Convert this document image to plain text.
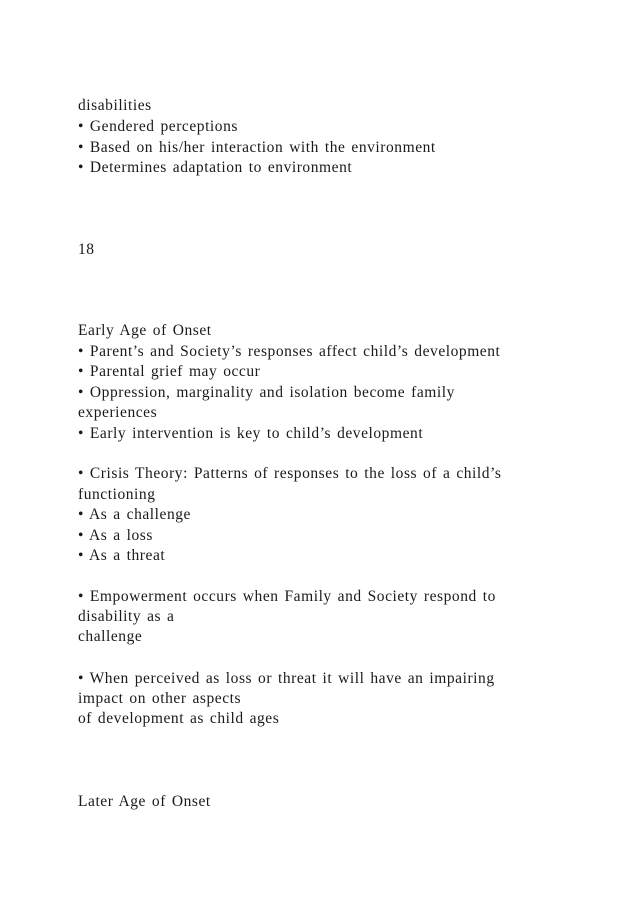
disabilities
• Gendered perceptions
• Based on his/her interaction with the environment
• Determines adaptation to environment
18
Early Age of Onset
• Parent’s and Society’s responses affect child’s development
• Parental grief may occur
• Oppression, marginality and isolation become family
experiences
• Early intervention is key to child’s development
• Crisis Theory: Patterns of responses to the loss of a child’s
functioning
• As a challenge
• As a loss
• As a threat
• Empowerment occurs when Family and Society respond to
disability as a
challenge
• When perceived as loss or threat it will have an impairing
impact on other aspects
of development as child ages
Later Age of Onset
